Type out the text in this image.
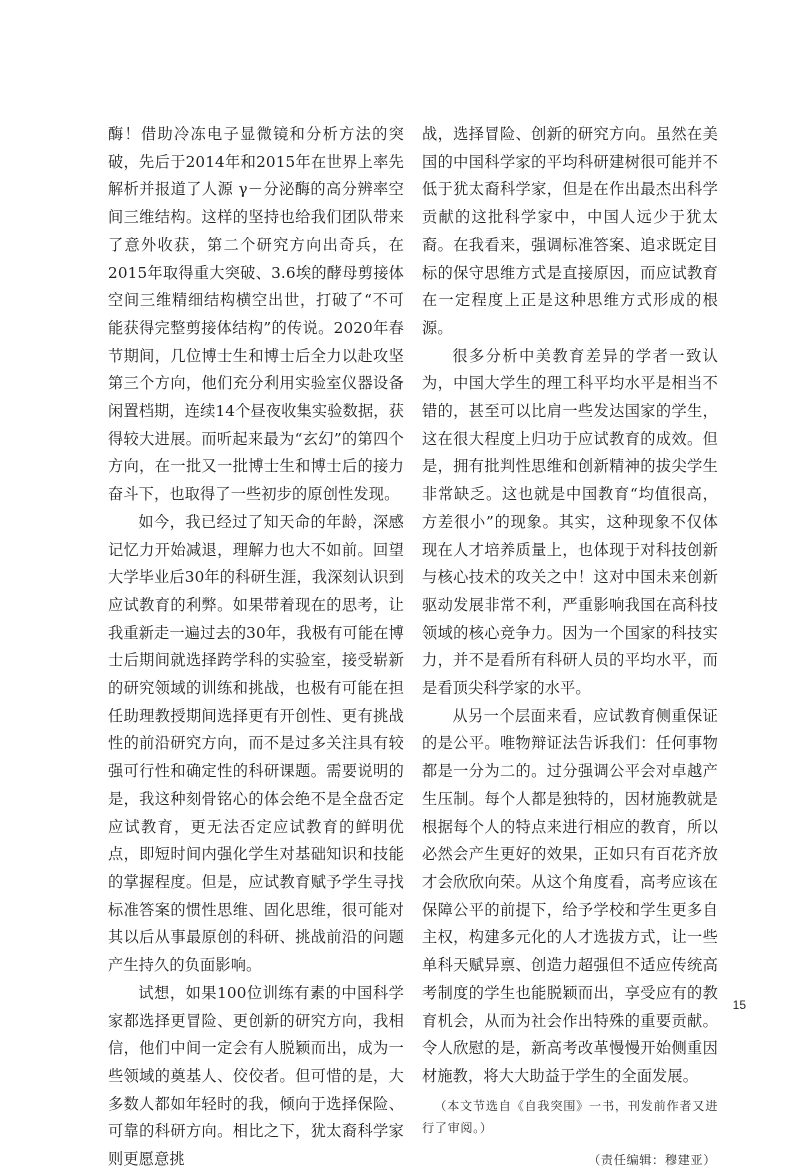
酶！借助冷冻电子显微镜和分析方法的突破，先后于2014年和2015年在世界上率先解析并报道了人源 γ－分泌酶的高分辨率空间三维结构。这样的坚持也给我们团队带来了意外收获，第二个研究方向出奇兵，在2015年取得重大突破、3.6埃的酵母剪接体空间三维精细结构横空出世，打破了“不可能获得完整剪接体结构”的传说。2020年春节期间，几位博士生和博士后全力以赴攻坚第三个方向，他们充分利用实验室仪器设备闲置档期，连续14个昼夜收集实验数据，获得较大进展。而听起来最为“玄幻”的第四个方向，在一批又一批博士生和博士后的接力奋斗下，也取得了一些初步的原创性发现。

如今，我已经过了知天命的年龄，深感记忆力开始减退，理解力也大不如前。回望大学毕业后30年的科研生涯，我深刻认识到应试教育的利弊。如果带着现在的思考，让我重新走一遍过去的30年，我极有可能在博士后期间就选择跨学科的实验室，接受崭新的研究领域的训练和挑战，也极有可能在担任助理教授期间选择更有开创性、更有挑战性的前沿研究方向，而不是过多关注具有较强可行性和确定性的科研课题。需要说明的是，我这种刻骨铭心的体会绝不是全盘否定应试教育，更无法否定应试教育的鲜明优点，即短时间内强化学生对基础知识和技能的掌握程度。但是，应试教育赋予学生寻找标准答案的惯性思维、固化思维，很可能对其以后从事最原创的科研、挑战前沿的问题产生持久的负面影响。

试想，如果100位训练有素的中国科学家都选择更冒险、更创新的研究方向，我相信，他们中间一定会有人脱颖而出，成为一些领域的奠基人、佼佼者。但可惜的是，大多数人都如年轻时的我，倾向于选择保险、可靠的科研方向。相比之下，犹太裔科学家则更愿意挑

战，选择冒险、创新的研究方向。虽然在美国的中国科学家的平均科研建树很可能并不低于犹太裔科学家，但是在作出最杰出科学贡献的这批科学家中，中国人远少于犹太裔。在我看来，强调标准答案、追求既定目标的保守思维方式是直接原因，而应试教育在一定程度上正是这种思维方式形成的根源。

很多分析中美教育差异的学者一致认为，中国大学生的理工科平均水平是相当不错的，甚至可以比肩一些发达国家的学生，这在很大程度上归功于应试教育的成效。但是，拥有批判性思维和创新精神的拔尖学生非常缺乏。这也就是中国教育“均值很高，方差很小”的现象。其实，这种现象不仅体现在人才培养质量上，也体现于对科技创新与核心技术的攻关之中！这对中国未来创新驱动发展非常不利，严重影响我国在高科技领域的核心竞争力。因为一个国家的科技实力，并不是看所有科研人员的平均水平，而是看顶尖科学家的水平。

从另一个层面来看，应试教育侧重保证的是公平。唯物辩证法告诉我们：任何事物都是一分为二的。过分强调公平会对卓越产生压制。每个人都是独特的，因材施教就是根据每个人的特点来进行相应的教育，所以必然会产生更好的效果，正如只有百花齐放才会欣欣向荣。从这个角度看，高考应该在保障公平的前提下，给予学校和学生更多自主权，构建多元化的人才选拔方式，让一些单科天赋异禀、创造力超强但不适应传统高考制度的学生也能脱颖而出，享受应有的教育机会，从而为社会作出特殊的重要贡献。令人欣慰的是，新高考改革慢慢开始侧重因材施教，将大大助益于学生的全面发展。

（本文节选自《自我突围》一书，刊发前作者又进行了审阅。）
（责任编辑：穆建亚）
15
